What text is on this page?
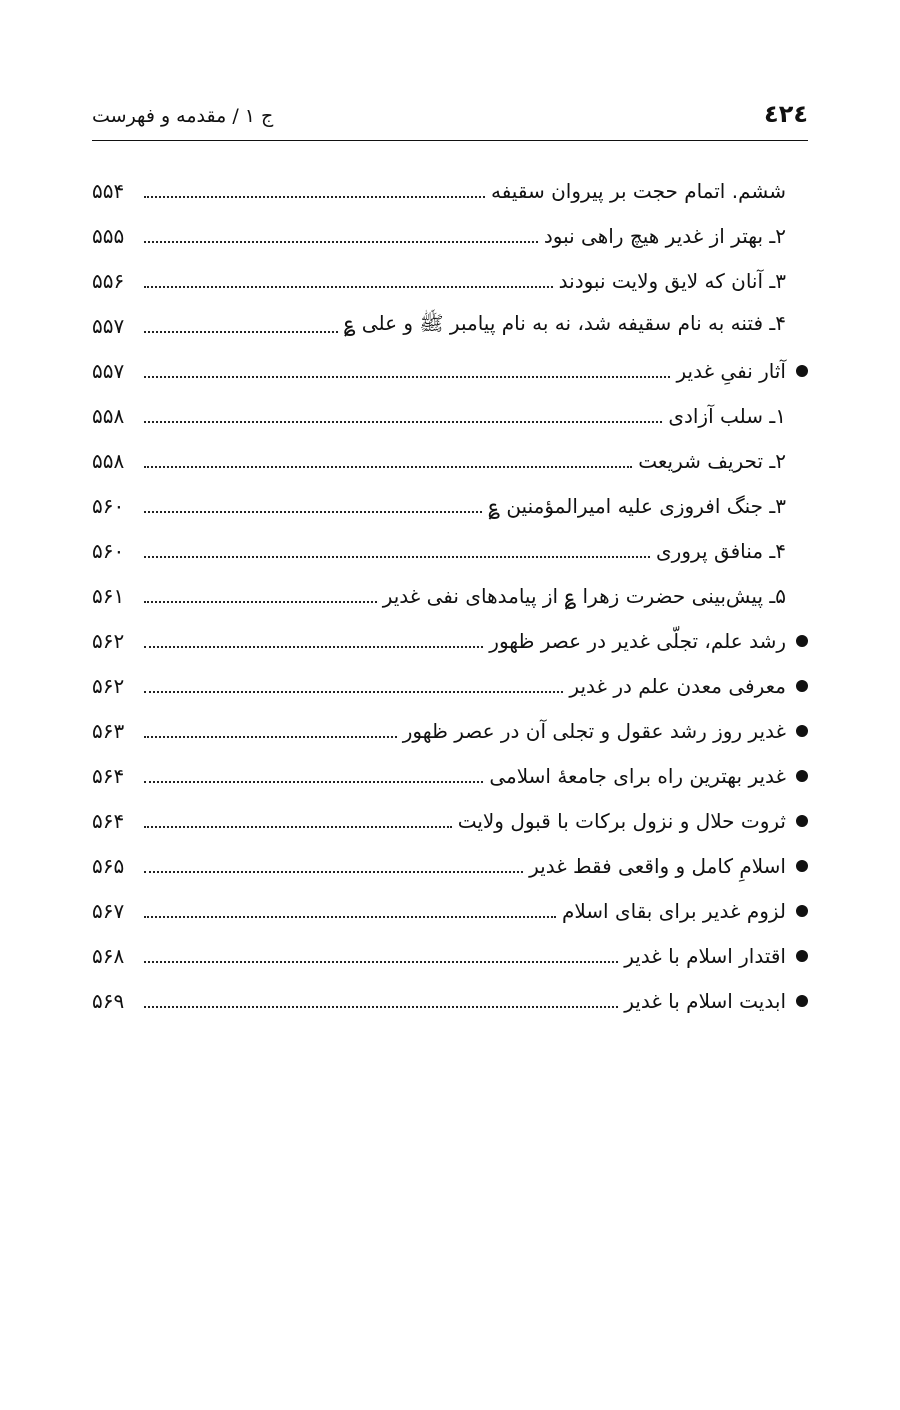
٤٢٤
ج ۱ / مقدمه و فهرست
ششم. اتمام حجت بر پیروان سقیفه
۵۵۴
۲ـ بهتر از غدیر هیچ راهی نبود
۵۵۵
۳ـ آنان که لایق ولایت نبودند
۵۵۶
۴ـ فتنه به نام سقیفه شد، نه به نام پیامبر ﷺ و علی ؏
۵۵۷
آثار نفیِ غدیر
۵۵۷
۱ـ سلب آزادی
۵۵۸
۲ـ تحریف شریعت
۵۵۸
۳ـ جنگ افروزی علیه امیرالمؤمنین ؏
۵۶۰
۴ـ منافق پروری
۵۶۰
۵ـ پیش‌بینی حضرت زهرا ؏ از پیامدهای نفی غدیر
۵۶۱
رشد علم، تجلّی غدیر در عصر ظهور
۵۶۲
معرفی معدن علم در غدیر
۵۶۲
غدیر روز رشد عقول و تجلی آن در عصر ظهور
۵۶۳
غدیر بهترین راه برای جامعهٔ اسلامی
۵۶۴
ثروت حلال و نزول برکات با قبول ولایت
۵۶۴
اسلامِ کامل و واقعی فقط غدیر
۵۶۵
لزوم غدیر برای بقای اسلام
۵۶۷
اقتدار اسلام با غدیر
۵۶۸
ابدیت اسلام با غدیر
۵۶۹
